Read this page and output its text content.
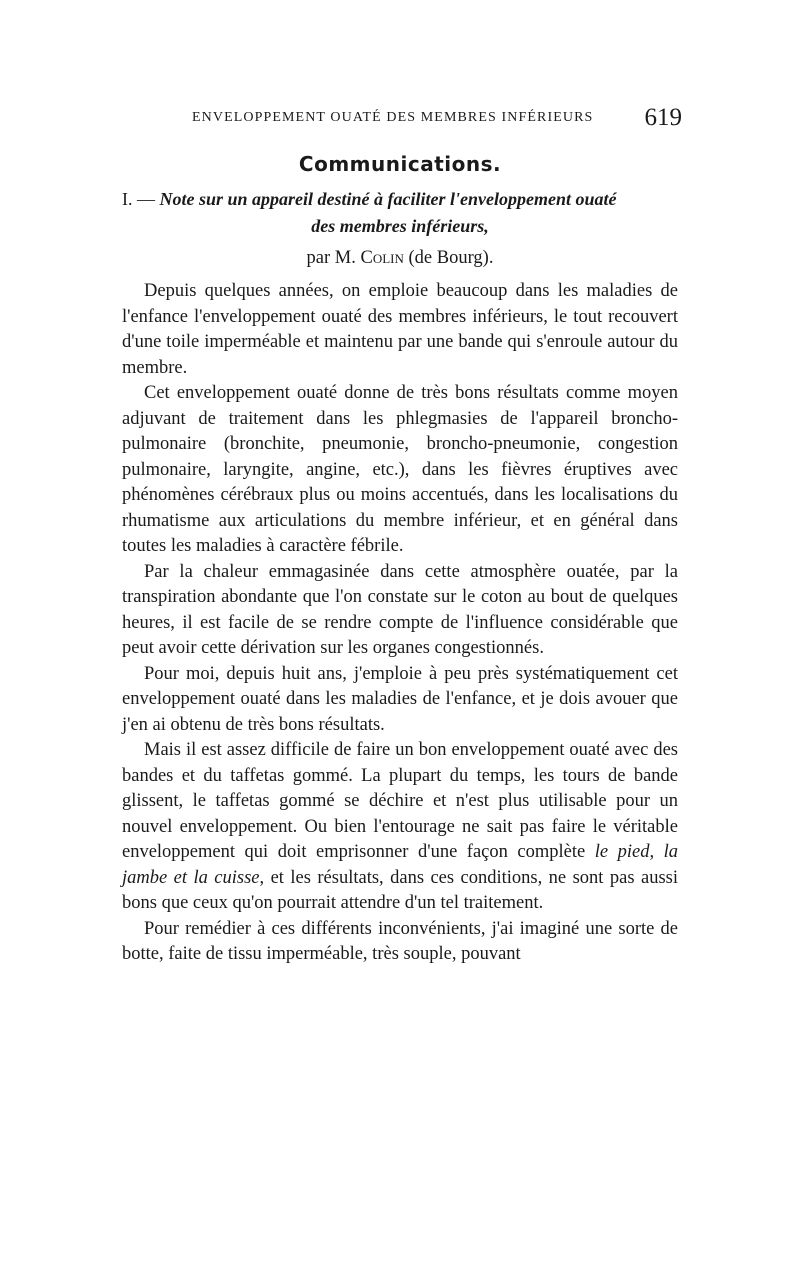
ENVELOPPEMENT OUATÉ DES MEMBRES INFÉRIEURS 619
Communications.
I. — Note sur un appareil destiné à faciliter l'enveloppement ouaté
des membres inférieurs,
par M. Colin (de Bourg).

Depuis quelques années, on emploie beaucoup dans les maladies de l'enfance l'enveloppement ouaté des membres inférieurs, le tout recouvert d'une toile imperméable et maintenu par une bande qui s'enroule autour du membre.

Cet enveloppement ouaté donne de très bons résultats comme moyen adjuvant de traitement dans les phlegmasies de l'appareil broncho-pulmonaire (bronchite, pneumonie, broncho-pneumonie, congestion pulmonaire, laryngite, angine, etc.), dans les fièvres éruptives avec phénomènes cérébraux plus ou moins accentués, dans les localisations du rhumatisme aux articulations du membre inférieur, et en général dans toutes les maladies à caractère fébrile.

Par la chaleur emmagasinée dans cette atmosphère ouatée, par la transpiration abondante que l'on constate sur le coton au bout de quelques heures, il est facile de se rendre compte de l'influence considérable que peut avoir cette dérivation sur les organes congestionnés.

Pour moi, depuis huit ans, j'emploie à peu près systématiquement cet enveloppement ouaté dans les maladies de l'enfance, et je dois avouer que j'en ai obtenu de très bons résultats.

Mais il est assez difficile de faire un bon enveloppement ouaté avec des bandes et du taffetas gommé. La plupart du temps, les tours de bande glissent, le taffetas gommé se déchire et n'est plus utilisable pour un nouvel enveloppement. Ou bien l'entourage ne sait pas faire le véritable enveloppement qui doit emprisonner d'une façon complète le pied, la jambe et la cuisse, et les résultats, dans ces conditions, ne sont pas aussi bons que ceux qu'on pourrait attendre d'un tel traitement.

Pour remédier à ces différents inconvénients, j'ai imaginé une sorte de botte, faite de tissu imperméable, très souple, pouvant
